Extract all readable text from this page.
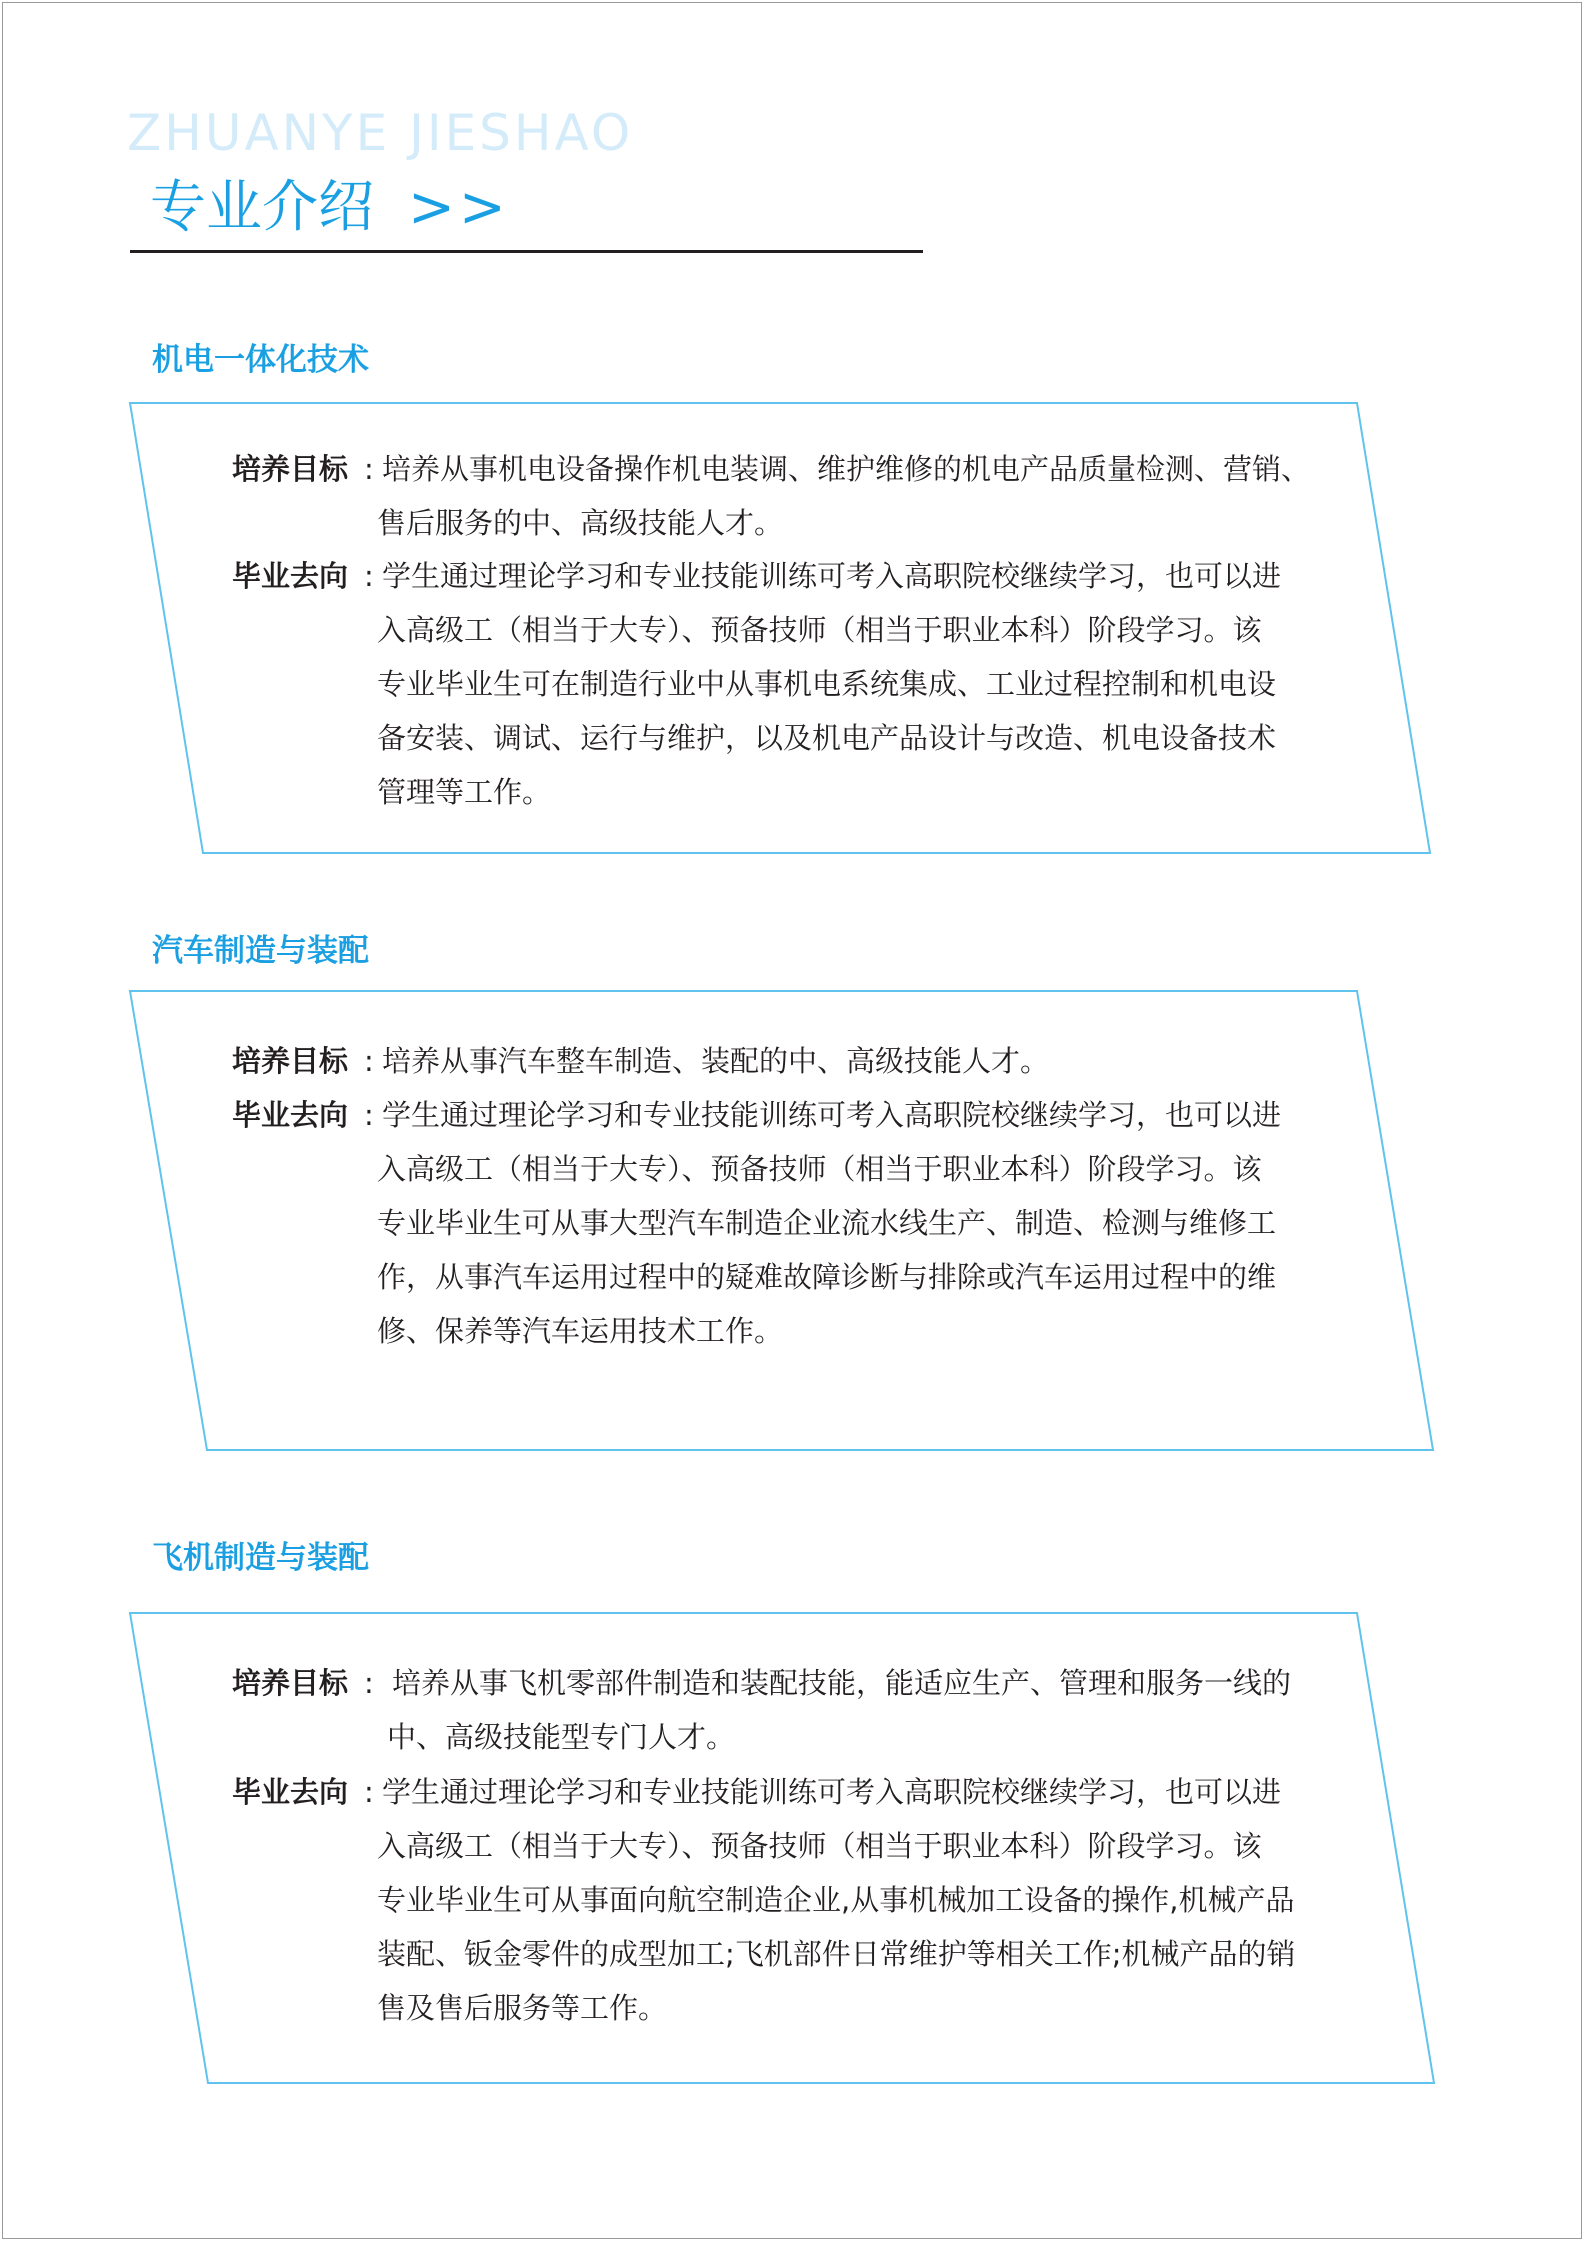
ZHUANYE JIESHAO
专业介绍 >>
机电一体化技术
培养目标 : 培养从事机电设备操作机电装调、维护维修的机电产品质量检测、营销、
售后服务的中、高级技能人才。
毕业去向 : 学生通过理论学习和专业技能训练可考入高职院校继续学习，也可以进
入高级工（相当于大专）、预备技师（相当于职业本科）阶段学习。该
专业毕业生可在制造行业中从事机电系统集成、工业过程控制和机电设
备安装、调试、运行与维护，以及机电产品设计与改造、机电设备技术
管理等工作。
汽车制造与装配
培养目标 : 培养从事汽车整车制造、装配的中、高级技能人才。
毕业去向 : 学生通过理论学习和专业技能训练可考入高职院校继续学习，也可以进
入高级工（相当于大专）、预备技师（相当于职业本科）阶段学习。该
专业毕业生可从事大型汽车制造企业流水线生产、制造、检测与维修工
作，从事汽车运用过程中的疑难故障诊断与排除或汽车运用过程中的维
修、保养等汽车运用技术工作。
飞机制造与装配
培养目标 : 培养从事飞机零部件制造和装配技能，能适应生产、管理和服务一线的
中、高级技能型专门人才。
毕业去向 : 学生通过理论学习和专业技能训练可考入高职院校继续学习，也可以进
入高级工（相当于大专）、预备技师（相当于职业本科）阶段学习。该
专业毕业生可从事面向航空制造企业,从事机械加工设备的操作,机械产品
装配、钣金零件的成型加工;飞机部件日常维护等相关工作;机械产品的销
售及售后服务等工作。
